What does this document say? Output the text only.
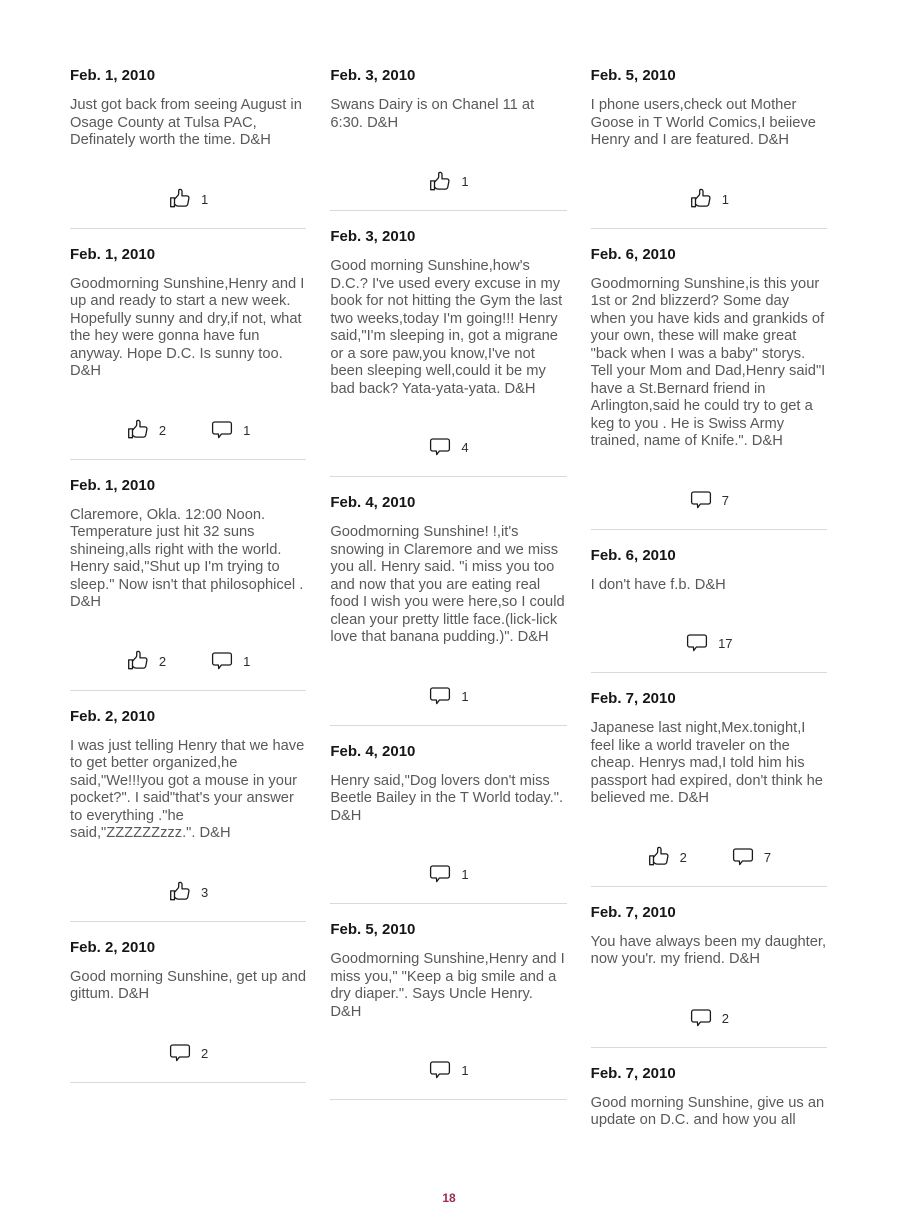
Feb. 1, 2010

Just got back from seeing August in Osage County at Tulsa PAC, Definately worth the time. D&H

1
Feb. 1, 2010

Goodmorning Sunshine,Henry and I up and ready to start a new week. Hopefully sunny and dry,if not, what the hey were gonna have fun anyway. Hope D.C. Is sunny too. D&H

2	1
Feb. 1, 2010

Claremore, Okla. 12:00 Noon. Temperature just hit 32 suns shineing,alls right with the world. Henry said,"Shut up I'm trying to sleep." Now isn't that philosophicel . D&H

2	1
Feb. 2, 2010

I was just telling Henry that we have to get better organized,he said,"We!!!you got a mouse in your pocket?". I said"that's your answer to everything ."he said,"ZZZZZZzzz.". D&H

3
Feb. 2, 2010

Good morning Sunshine, get up and gittum. D&H

2
Feb. 3, 2010

Swans Dairy is on Chanel 11 at 6:30. D&H

1
Feb. 3, 2010

Good morning Sunshine,how's D.C.? I've used every excuse in my book for not hitting the Gym the last two weeks,today I'm going!!! Henry said,"I'm sleeping in, got a migrane or a sore paw,you know,I've not been sleeping well,could it be my bad back? Yata-yata-yata. D&H

4
Feb. 4, 2010

Goodmorning Sunshine! !,it's snowing in Claremore and we miss you all. Henry said. "i miss you too and now that you are eating real food I wish you were here,so I could clean your pretty little face.(lick-lick love that banana pudding.)". D&H

1
Feb. 4, 2010

Henry said,"Dog lovers don't miss Beetle Bailey in the T World today.". D&H

1
Feb. 5, 2010

Goodmorning Sunshine,Henry and I miss you," "Keep a big smile and a dry diaper.". Says Uncle Henry. D&H

1
Feb. 5, 2010

I phone users,check out Mother Goose in T World Comics,I beiieve Henry and I are featured. D&H

1
Feb. 6, 2010

Goodmorning Sunshine,is this your 1st or 2nd blizzerd? Some day when you have kids and grankids of your own, these will make great "back when I was a baby" storys. Tell your Mom and Dad,Henry said"I have a St.Bernard friend in Arlington,said he could try to get a keg to you . He is Swiss Army trained, name of Knife.". D&H

7
Feb. 6, 2010

I don't have f.b. D&H

17
Feb. 7, 2010

Japanese last night,Mex.tonight,I feel like a world traveler on the cheap. Henrys mad,I told him his passport had expired, don't think he believed me. D&H

2	7
Feb. 7, 2010

You have always been my daughter, now you'r. my friend. D&H

2
Feb. 7, 2010

Good morning Sunshine, give us an update on D.C. and how you all

18
